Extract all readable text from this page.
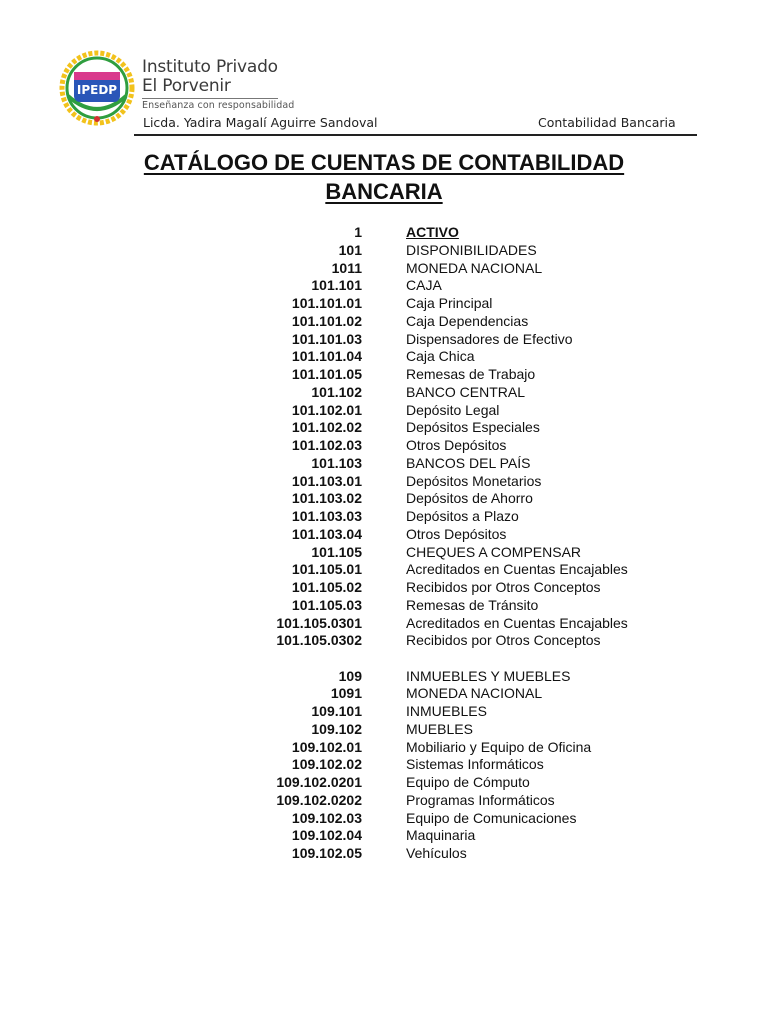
IPEDP
Instituto Privado
El Porvenir
Enseñanza con responsabilidad
Licda. Yadira Magalí Aguirre Sandoval	Contabilidad Bancaria
CATÁLOGO DE CUENTAS DE CONTABILIDAD
BANCARIA
1	ACTIVO
101	DISPONIBILIDADES
1011	MONEDA NACIONAL
101.101	CAJA
101.101.01	Caja Principal
101.101.02	Caja Dependencias
101.101.03	Dispensadores de Efectivo
101.101.04	Caja Chica
101.101.05	Remesas de Trabajo
101.102	BANCO CENTRAL
101.102.01	Depósito Legal
101.102.02	Depósitos Especiales
101.102.03	Otros Depósitos
101.103	BANCOS DEL PAÍS
101.103.01	Depósitos Monetarios
101.103.02	Depósitos de Ahorro
101.103.03	Depósitos a Plazo
101.103.04	Otros Depósitos
101.105	CHEQUES A COMPENSAR
101.105.01	Acreditados en Cuentas Encajables
101.105.02	Recibidos por Otros Conceptos
101.105.03	Remesas de Tránsito
101.105.0301	Acreditados en Cuentas Encajables
101.105.0302	Recibidos por Otros Conceptos
109	INMUEBLES Y MUEBLES
1091	MONEDA NACIONAL
109.101	INMUEBLES
109.102	MUEBLES
109.102.01	Mobiliario y Equipo de Oficina
109.102.02	Sistemas Informáticos
109.102.0201	Equipo de Cómputo
109.102.0202	Programas Informáticos
109.102.03	Equipo de Comunicaciones
109.102.04	Maquinaria
109.102.05	Vehículos
